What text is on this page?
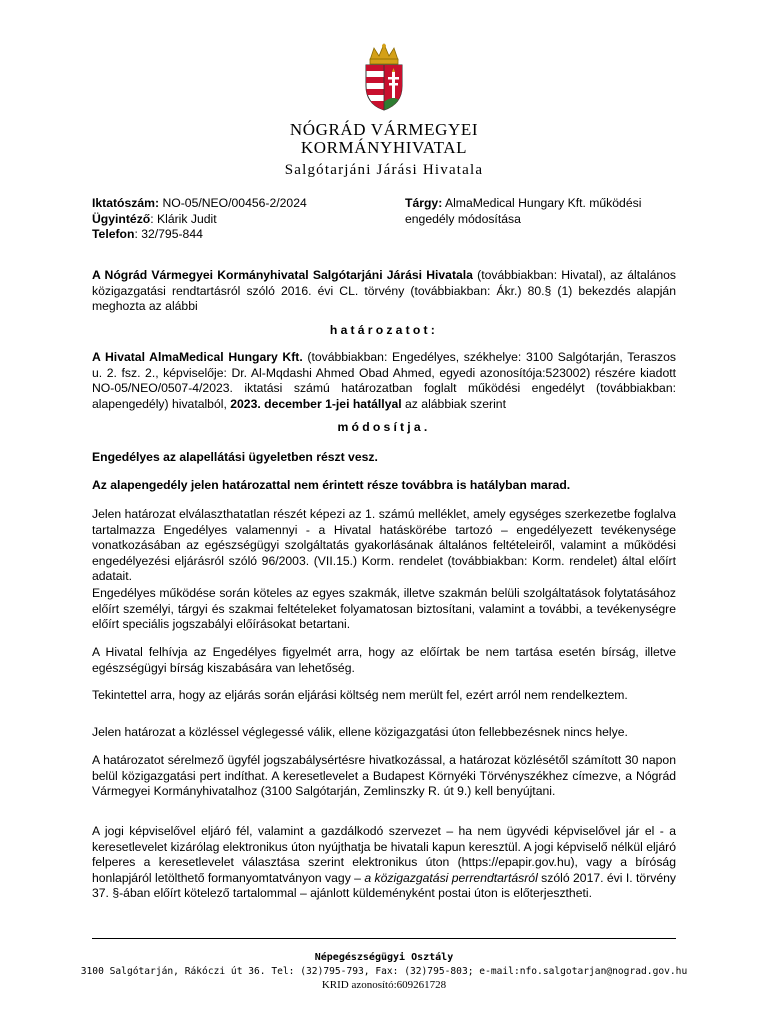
NÓGRÁD VÁRMEGYEI
KORMÁNYHIVATAL
Salgótarjáni Járási Hivatala
Iktatószám: NO-05/NEO/00456-2/2024
Ügyintéző: Klárik Judit
Telefon: 32/795-844
Tárgy: AlmaMedical Hungary Kft. működési engedély módosítása

A Nógrád Vármegyei Kormányhivatal Salgótarjáni Járási Hivatala (továbbiakban: Hivatal), az általános közigazgatási rendtartásról szóló 2016. évi CL. törvény (továbbiakban: Ákr.) 80.§ (1) bekezdés alapján meghozta az alábbi

határozatot:

A Hivatal AlmaMedical Hungary Kft. (továbbiakban: Engedélyes, székhelye: 3100 Salgótarján, Teraszos u. 2. fsz. 2., képviselője: Dr. Al-Mqdashi Ahmed Obad Ahmed, egyedi azonosítója:523002) részére kiadott NO-05/NEO/0507-4/2023. iktatási számú határozatban foglalt működési engedélyt (továbbiakban: alapengedély) hivatalból, 2023. december 1-jei hatállyal az alábbiak szerint

módosítja.

Engedélyes az alapellátási ügyeletben részt vesz.

Az alapengedély jelen határozattal nem érintett része továbbra is hatályban marad.

Jelen határozat elválaszthatatlan részét képezi az 1. számú melléklet, amely egységes szerkezetbe foglalva tartalmazza Engedélyes valamennyi - a Hivatal hatáskörébe tartozó – engedélyezett tevékenysége vonatkozásában az egészségügyi szolgáltatás gyakorlásának általános feltételeiről, valamint a működési engedélyezési eljárásról szóló 96/2003. (VII.15.) Korm. rendelet (továbbiakban: Korm. rendelet) által előírt adatait.
Engedélyes működése során köteles az egyes szakmák, illetve szakmán belüli szolgáltatások folytatásához előírt személyi, tárgyi és szakmai feltételeket folyamatosan biztosítani, valamint a további, a tevékenységre előírt speciális jogszabályi előírásokat betartani.
A Hivatal felhívja az Engedélyes figyelmét arra, hogy az előírtak be nem tartása esetén bírság, illetve egészségügyi bírság kiszabására van lehetőség.
Tekintettel arra, hogy az eljárás során eljárási költség nem merült fel, ezért arról nem rendelkeztem.
Jelen határozat a közléssel véglegessé válik, ellene közigazgatási úton fellebbezésnek nincs helye.
A határozatot sérelmező ügyfél jogszabálysértésre hivatkozással, a határozat közlésétől számított 30 napon belül közigazgatási pert indíthat. A keresetlevelet a Budapest Környéki Törvényszékhez címezve, a Nógrád Vármegyei Kormányhivatalhoz (3100 Salgótarján, Zemlinszky R. út 9.) kell benyújtani.

A jogi képviselővel eljáró fél, valamint a gazdálkodó szervezet – ha nem ügyvédi képviselővel jár el - a keresetlevelet kizárólag elektronikus úton nyújthatja be hivatali kapun keresztül. A jogi képviselő nélkül eljáró felperes a keresetlevelet választása szerint elektronikus úton (https://epapir.gov.hu), vagy a bíróság honlapjáról letölthető formanyomtatványon vagy – a közigazgatási perrendtartásról szóló 2017. évi I. törvény 37. §-ában előírt kötelező tartalommal – ajánlott küldeményként postai úton is előterjesztheti.

Népegészségügyi Osztály
3100 Salgótarján, Rákóczi út 36. Tel: (32)795-793, Fax: (32)795-803; e-mail:nfo.salgotarjan@nograd.gov.hu
KRID azonosító:609261728
